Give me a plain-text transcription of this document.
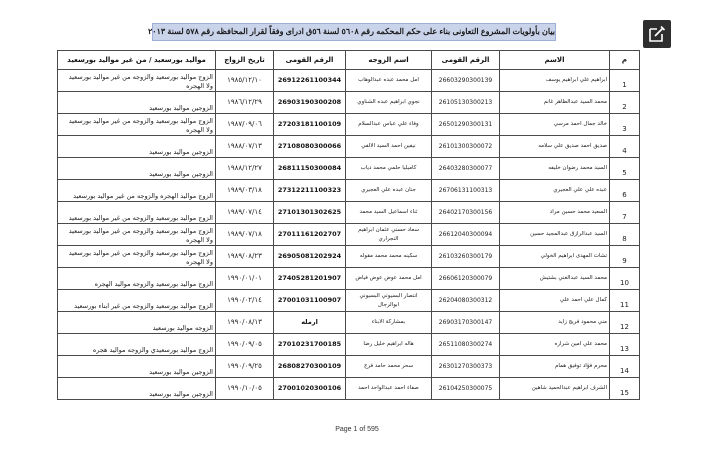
بيان بأولويات المشروع التعاونى بناء على حكم المحكمه رقم ٥٦٠٨ لسنة ٥٦ق ادراى وفقاً لقرار المحافظه رقم ٥٧٨ لسنة ٢٠١٣
مواليد بورسعيد / من غير مواليد بورسعيد	تاريخ الزواج	الرقم القومى	اسم الزوجه	الرقم القومى	الاسم	م
الزوج مواليد بورسعيد والزوجه من غير مواليد بورسعيد ولا الهجره	١٩٨٥/١٢/١٠	26912261100344	امل محمد عبده عبدالوهاب	26603290300139	ابراهيم علي ابراهيم يوسف	1
الزوجين مواليد بورسعيد	١٩٨٦/١٢/٢٩	26903190300208	نجوي ابراهيم عبده الشناوي	26105130300213	محمد السيد عبدالظاهر غانم	2
الزوج مواليد بورسعيد والزوجه من غير مواليد بورسعيد ولا الهجره	١٩٨٧/٠٩/٠٦	27203181100109	وفاء علي عباس عبدالسلام	26501290300131	خالد جمال احمد مرسي	3
الزوجين مواليد بورسعيد	١٩٨٨/٠٧/١٣	27108080300066	نيفين احمد السيد الالفي	26101300300072	صديق احمد صديق علي سلامه	4
الزوجين مواليد بورسعيد	١٩٨٨/١٢/٢٧	26811150300084	كاميليا حلمي محمد دياب	26403280300077	السيد محمد رضوان خليفه	5
الزوج مواليد الهجره والزوجه من غير مواليد بورسعيد	١٩٨٩/٠٣/١٨	27312211100323	جنان عبده علي العجيري	26706131100313	عبده علي علي العجيري	6
الزوج مواليد بورسعيد والزوجه من غير مواليد بورسعيد	١٩٨٩/٠٧/١٤	27101301302625	ثناء اسماعيل السيد محمد	26402170300156	السعيد محمد حسين مراد	7
الزوج مواليد بورسعيد والزوجه من غير مواليد بورسعيد ولا الهجره	١٩٨٩/٠٧/١٨	27011161202707	سعاد حسني عثمان ابراهيم النجراري	26612040300094	السيد عبدالرازق عبدالمجيد حسين	8
الزوج مواليد بورسعيد والزوجه من غير مواليد بورسعيد ولا الهجره	١٩٨٩/٠٨/٢٣	26905081202924	سكينه محمد محمد مقوله	26103260300179	تشات المهدى ابراهيم الخولي	9
الزوج مواليد بورسعيد والزوجه مواليد الهجره	١٩٩٠/٠١/٠١	27405281201907	امل محمد عوض عوض فياض	26606120300079	محمد السيد عبدالغني بشتيش	10
الزوج مواليد بورسعيد والزوجه من غير ابناء بورسعيد	١٩٩٠/٠٢/١٤	27001031100907	انتصار البسيوني البسيوني ابوالرجال	26204080300312	كمال علي احمد علي	11
الزوجه مواليد بورسعيد	١٩٩٠/٠٨/١٣	ارمله	بمشاركة الابناء	26903170300147	مني محمود فريج زايد	12
الزوج مواليد بورسعيدي والزوجه مواليد هجره	١٩٩٠/٠٩/٠٥	27010231700185	هاله ابراهيم خليل رضا	26511080300274	محمد علي امين شراره	13
الزوجين مواليد بورسعيد	١٩٩٠/٠٩/٢٥	26808270300109	سحر محمد حامد فرج	26301270300373	محرم فؤاد توفيق همام	14
الزوجين مواليد بورسعيد	١٩٩٠/١٠/٠٥	27001020300106	صفاء احمد عبدالواحد احمد	26104250300075	الشرف ابراهيم عبدالحميد شاهين	15
Page 1 of 595
